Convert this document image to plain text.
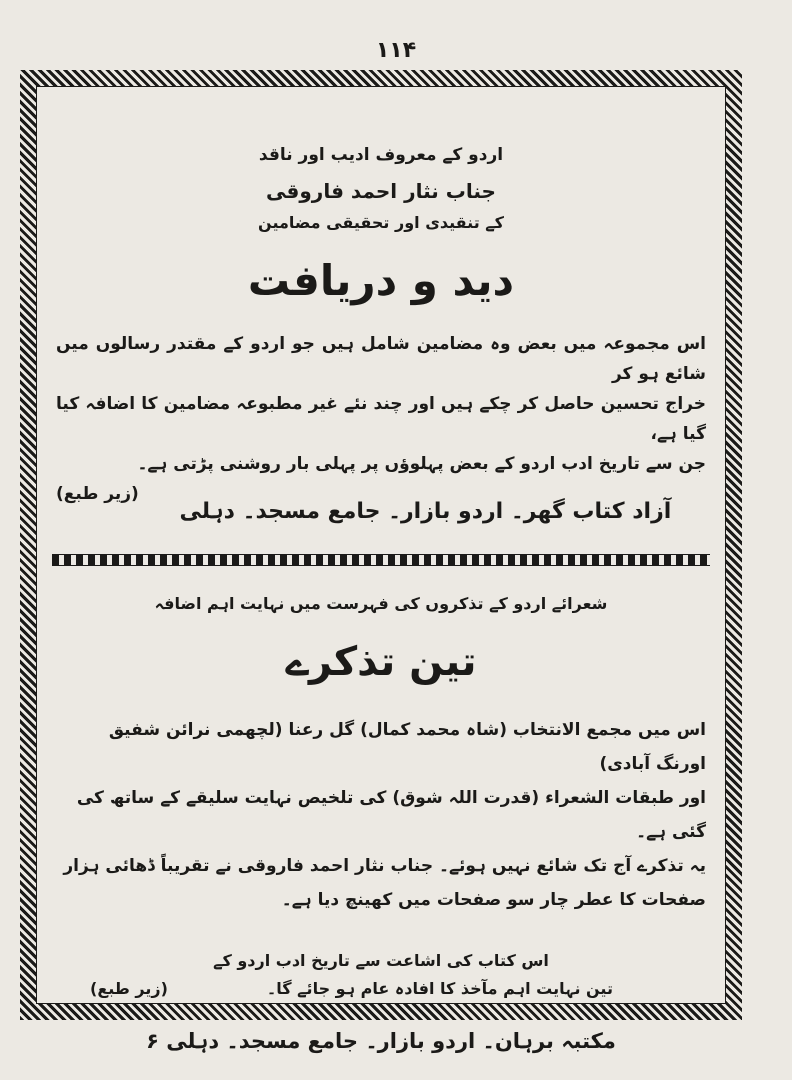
۱۱۴

اردو کے معروف ادیب اور ناقد

جناب نثار احمد فاروقی

کے تنقیدی اور تحقیقی مضامین

دید و دریافت
اس مجموعہ میں بعض وہ مضامین شامل ہیں جو اردو کے مقتدر رسالوں میں شائع ہو کر
خراج تحسین حاصل کر چکے ہیں اور چند نئے غیر مطبوعہ مضامین کا اضافہ کیا گیا ہے،
جن سے تاریخ ادب اردو کے بعض پہلوؤں پر پہلی بار روشنی پڑتی ہے۔
(زیر طبع)

آزاد کتاب گھر۔ اردو بازار۔ جامع مسجد۔ دہلی

شعرائے اردو کے تذکروں کی فہرست میں نہایت اہم اضافہ

تین تذکرے
اس میں مجمع الانتخاب (شاہ محمد کمال) گل رعنا (لچھمی نرائن شفیق اورنگ آبادی)
اور طبقات الشعراء (قدرت اللہ شوق) کی تلخیص نہایت سلیقے کے ساتھ کی گئی ہے۔
یہ تذکرے آج تک شائع نہیں ہوئے۔ جناب نثار احمد فاروقی نے تقریباً ڈھائی ہزار
صفحات کا عطر چار سو صفحات میں کھینچ دیا ہے۔
اس کتاب کی اشاعت سے تاریخ ادب اردو کے
تین نہایت اہم مآخذ کا افادہ عام ہو جائے گا۔
(زیر طبع)

مکتبہ برہان۔ اردو بازار۔ جامع مسجد۔ دہلی ۶
